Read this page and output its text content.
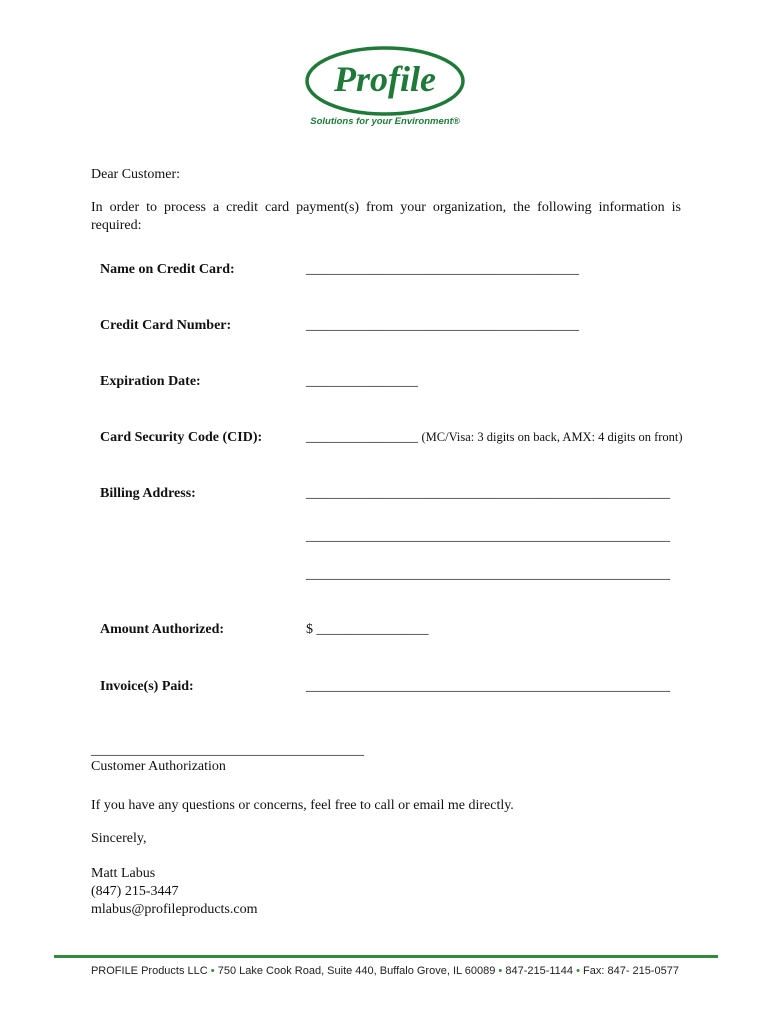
Profile
Solutions for your Environment®
Dear Customer:
In order to process a credit card payment(s) from your organization, the following information is required:
Name on Credit Card:	_______________________________________
Credit Card Number:	_______________________________________
Expiration Date:	________________
Card Security Code (CID):	________________ (MC/Visa: 3 digits on back, AMX: 4 digits on front)
Billing Address:	____________________________________________________
____________________________________________________
____________________________________________________
Amount Authorized:	$ ________________
Invoice(s) Paid:	____________________________________________________
_______________________________________
Customer Authorization
If you have any questions or concerns, feel free to call or email me directly.
Sincerely,
Matt Labus
(847) 215-3447
mlabus@profileproducts.com
PROFILE Products LLC • 750 Lake Cook Road, Suite 440, Buffalo Grove, IL 60089 • 847-215-1144 • Fax: 847- 215-0577
